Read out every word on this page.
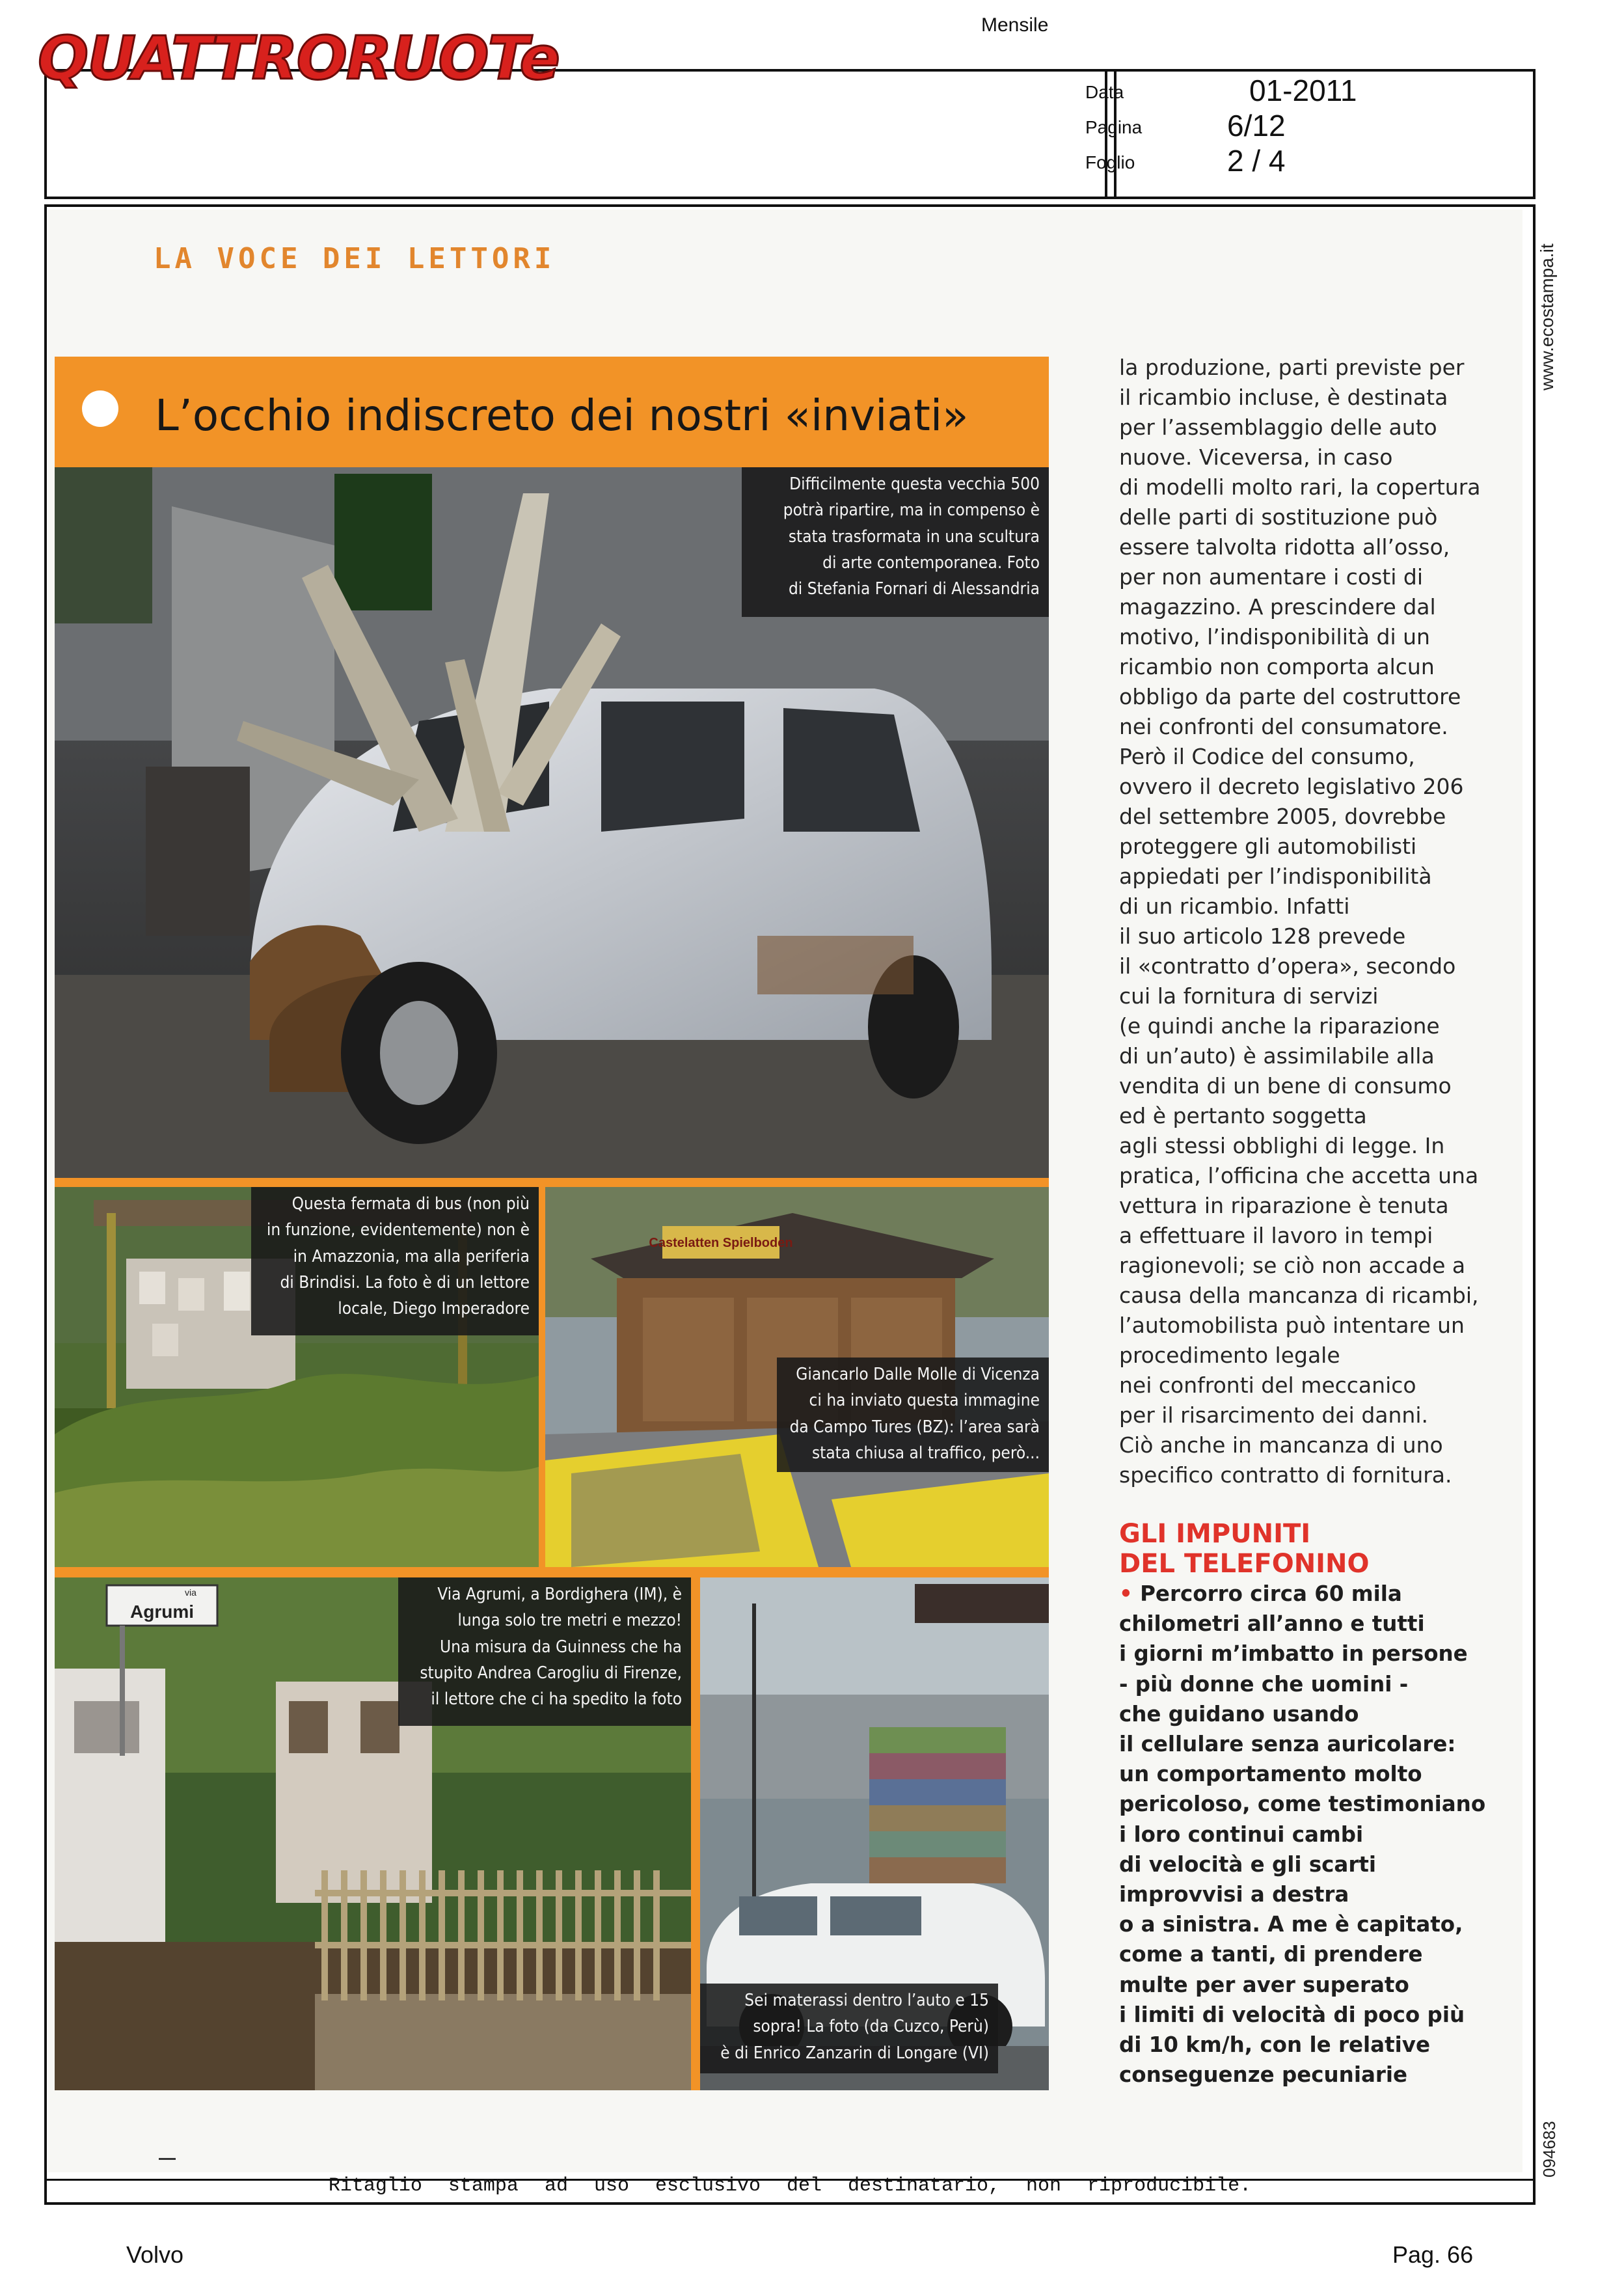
QUATTRORUOTe	Mensile
Data	01-2011
Pagina	6/12
Foglio	2 / 4
www.ecostampa.it
094683
LA VOCE DEI LETTORI
L’occhio indiscreto dei nostri «inviati»
Difficilmente questa vecchia 500
potrà ripartire, ma in compenso è
stata trasformata in una scultura
di arte contemporanea. Foto
di Stefania Fornari di Alessandria
Questa fermata di bus (non più
in funzione, evidentemente) non è
in Amazzonia, ma alla periferia
di Brindisi. La foto è di un lettore
locale, Diego Imperadore
Castelatten Spielboden
Giancarlo Dalle Molle di Vicenza
ci ha inviato questa immagine
da Campo Tures (BZ): l’area sarà
stata chiusa al traffico, però...
via
Agrumi
Via Agrumi, a Bordighera (IM), è
lunga solo tre metri e mezzo!
Una misura da Guinness che ha
stupito Andrea Carogliu di Firenze,
il lettore che ci ha spedito la foto
Sei materassi dentro l’auto e 15
sopra! La foto (da Cuzco, Perù)
è di Enrico Zanzarin di Longare (VI)
la produzione, parti previste per
il ricambio incluse, è destinata
per l’assemblaggio delle auto
nuove. Viceversa, in caso
di modelli molto rari, la copertura
delle parti di sostituzione può
essere talvolta ridotta all’osso,
per non aumentare i costi di
magazzino. A prescindere dal
motivo, l’indisponibilità di un
ricambio non comporta alcun
obbligo da parte del costruttore
nei confronti del consumatore.
Però il Codice del consumo,
ovvero il decreto legislativo 206
del settembre 2005, dovrebbe
proteggere gli automobilisti
appiedati per l’indisponibilità
di un ricambio. Infatti
il suo articolo 128 prevede
il «contratto d’opera», secondo
cui la fornitura di servizi
(e quindi anche la riparazione
di un’auto) è assimilabile alla
vendita di un bene di consumo
ed è pertanto soggetta
agli stessi obblighi di legge. In
pratica, l’officina che accetta una
vettura in riparazione è tenuta
a effettuare il lavoro in tempi
ragionevoli; se ciò non accade a
causa della mancanza di ricambi,
l’automobilista può intentare un
procedimento legale
nei confronti del meccanico
per il risarcimento dei danni.
Ciò anche in mancanza di uno
specifico contratto di fornitura.
GLI IMPUNITI
DEL TELEFONINO
• Percorro circa 60 mila
chilometri all’anno e tutti
i giorni m’imbatto in persone
- più donne che uomini -
che guidano usando
il cellulare senza auricolare:
un comportamento molto
pericoloso, come testimoniano
i loro continui cambi
di velocità e gli scarti
improvvisi a destra
o a sinistra. A me è capitato,
come a tanti, di prendere
multe per aver superato
i limiti di velocità di poco più
di 10 km/h, con le relative
conseguenze pecuniarie
Ritaglio stampa ad uso esclusivo del destinatario, non riproducibile.
Volvo	Pag. 66
